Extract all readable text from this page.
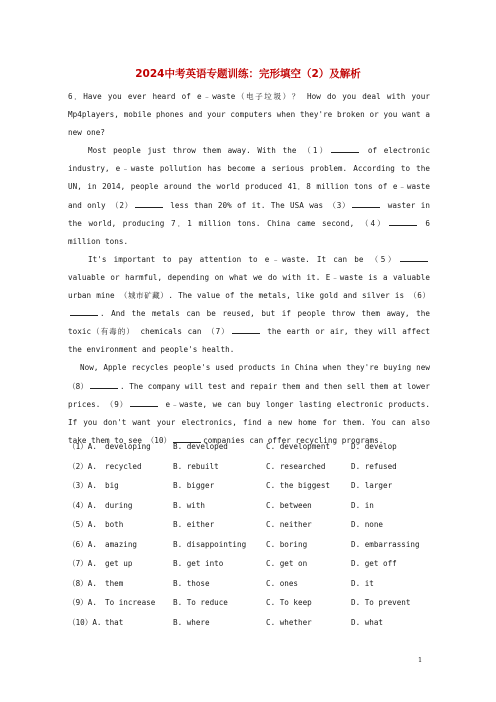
2024中考英语专题训练：完形填空（2）及解析

6．Have you ever heard of e﹣waste（电子垃圾）？ How do you deal with your Mp4players, mobile phones and your computers when they're broken or you want a new one?

Most people just throw them away. With the （1）	of electronic industry, e﹣waste pollution has become a serious problem. According to the UN, in 2014, people around the world produced 41．8 million tons of e﹣waste and only （2）	less than 20% of it. The USA was （3）	waster in the world, producing 7．1 million tons. China came second, （4）	6 million tons.

It's important to pay attention to e﹣waste. It can be （5） valuable or harmful, depending on what we do with it. E﹣waste is a valuable urban mine （城市矿藏）. The value of the metals, like gold and silver is （6）. And the metals can be reused, but if people throw them away, the toxic（有毒的） chemicals can （7）	the earth or air, they will affect the environment and people's health.

Now, Apple recycles people's used products in China when they're buying new （8）	. The company will test and repair them and then sell them at lower prices. （9）	e﹣waste, we can buy longer lasting electronic products. If you don't want your electronics, find a new home for them. You can also take them to see （10）	companies can offer recycling programs.

（1）A.	developing	B. developed	C. development	D. develop
（2）A.	recycled	B. rebuilt	C. researched	D. refused
（3）A.	big	B. bigger	C. the biggest	D. larger
（4）A.	during	B. with	C. between	D. in
（5）A.	both	B. either	C. neither	D. none
（6）A.	amazing	B. disappointing	C. boring	D. embarrassing
（7）A.	get up	B. get into	C. get on	D. get off
（8）A.	them	B. those	C. ones	D. it
（9）A.	To increase	B. To reduce	C. To keep	D. To prevent
（10）A. that	B. where	C. whether	D. what
1
